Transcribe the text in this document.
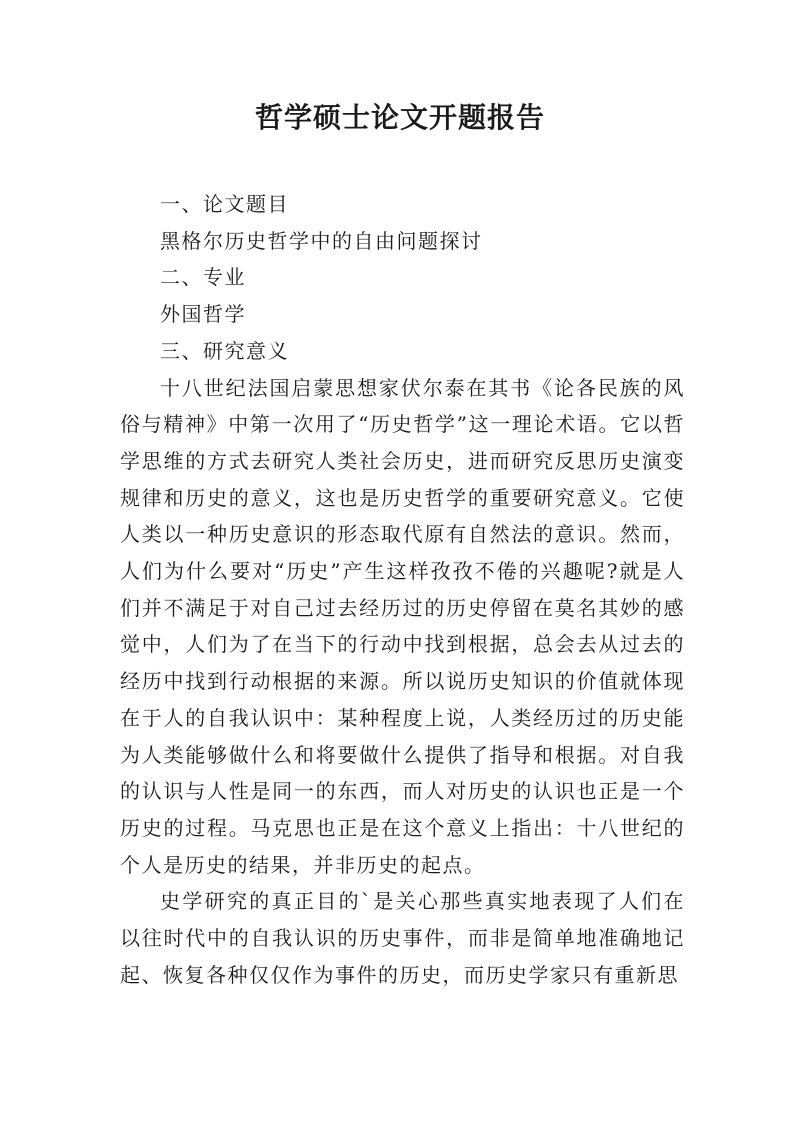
哲学硕士论文开题报告

一、论文题目

黑格尔历史哲学中的自由问题探讨

二、专业

外国哲学

三、研究意义

十八世纪法国启蒙思想家伏尔泰在其书《论各民族的风俗与精神》中第一次用了“历史哲学”这一理论术语。它以哲学思维的方式去研究人类社会历史，进而研究反思历史演变规律和历史的意义，这也是历史哲学的重要研究意义。它使人类以一种历史意识的形态取代原有自然法的意识。然而，人们为什么要对“历史”产生这样孜孜不倦的兴趣呢?就是人们并不满足于对自己过去经历过的历史停留在莫名其妙的感觉中，人们为了在当下的行动中找到根据，总会去从过去的经历中找到行动根据的来源。所以说历史知识的价值就体现在于人的自我认识中：某种程度上说，人类经历过的历史能为人类能够做什么和将要做什么提供了指导和根据。对自我的认识与人性是同一的东西，而人对历史的认识也正是一个历史的过程。马克思也正是在这个意义上指出：十八世纪的个人是历史的结果，并非历史的起点。

史学研究的真正目的`是关心那些真实地表现了人们在以往时代中的自我认识的历史事件，而非是简单地准确地记起、恢复各种仅仅作为事件的历史，而历史学家只有重新思
